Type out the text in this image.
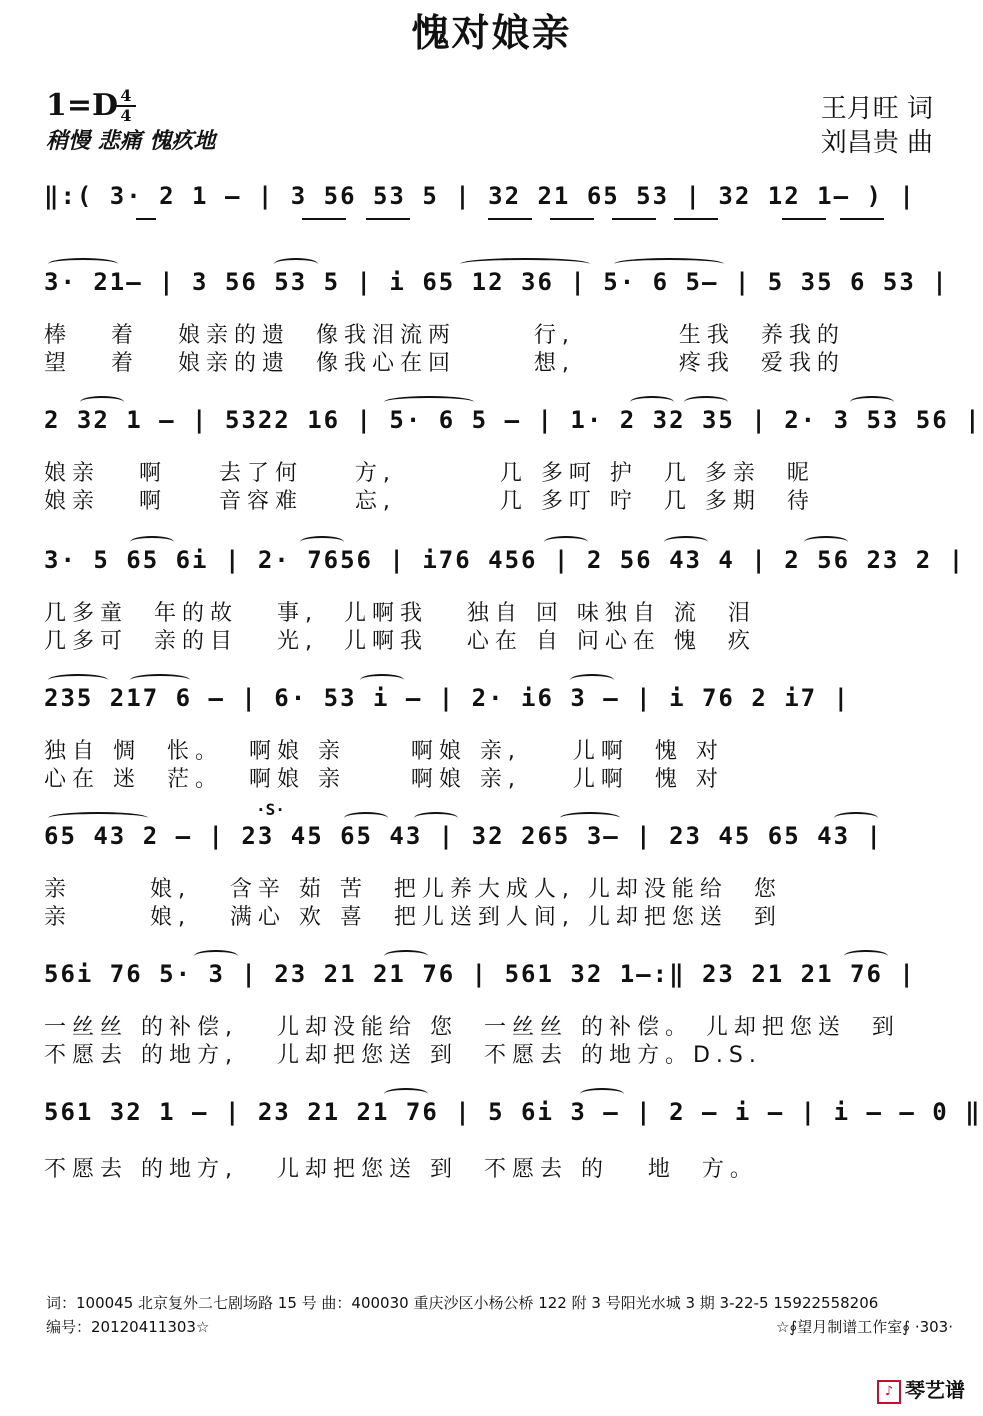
愧对娘亲
1=D 4
4
稍慢 悲痛 愧疚地
王月旺 词
刘昌贵 曲
‖:( 3· 2 1 – | 3 56 53 5 | 32 21 65 53 | 32 12 1– ) |
3· 21– | 3 56 53 5 | i 65 12 36 | 5· 6 5– | 5 35 6 53 |
棒   着   娘亲的遗  像我泪流两      行,        生我  养我的
望   着   娘亲的遗  像我心在回      想,        疼我  爱我的
2 32 1 – | 5322 16 | 5· 6 5 – | 1· 2 32 35 | 2· 3 53 56 |
娘亲   啊    去了何    方,        几 多呵 护  几 多亲  昵
娘亲   啊    音容难    忘,        几 多叮 咛  几 多期  待
3· 5 65 6i | 2· 7656 | i76 456 | 2 56 43 4 | 2 56 23 2 |
几多童  年的故   事,  儿啊我   独自 回 味独自 流  泪
几多可  亲的目   光,  儿啊我   心在 自 问心在 愧  疚
235 217 6 – | 6· 53 i – | 2· i6 3 – | i 76 2 i7 |
独自 惆  怅。  啊娘 亲     啊娘 亲,    儿啊  愧 对
心在 迷  茫。  啊娘 亲     啊娘 亲,    儿啊  愧 对
·S·
65 43 2 – | 23 45 65 43 | 32 265 3– | 23 45 65 43 |
亲      娘,   含辛 茹 苦  把儿养大成人, 儿却没能给  您
亲      娘,   满心 欢 喜  把儿送到人间, 儿却把您送  到
56i 76 5· 3 | 23 21 21 76 | 561 32 1–:‖ 23 21 21 76 |
一丝丝 的补偿,   儿却没能给 您  一丝丝 的补偿。 儿却把您送  到
不愿去 的地方,   儿却把您送 到  不愿去 的地方。D.S.
561 32 1 – | 23 21 21 76 | 5 6i 3 – | 2 – i – | i – – 0 ‖
不愿去 的地方,   儿却把您送 到  不愿去 的   地  方。
词：100045 北京复外二七剧场路 15 号 曲：400030 重庆沙区小杨公桥 122 附 3 号阳光水城 3 期 3-22-5 15922558206
编号：20120411303☆	☆∮望月制谱工作室∮ ·303·
♪ 琴艺谱
